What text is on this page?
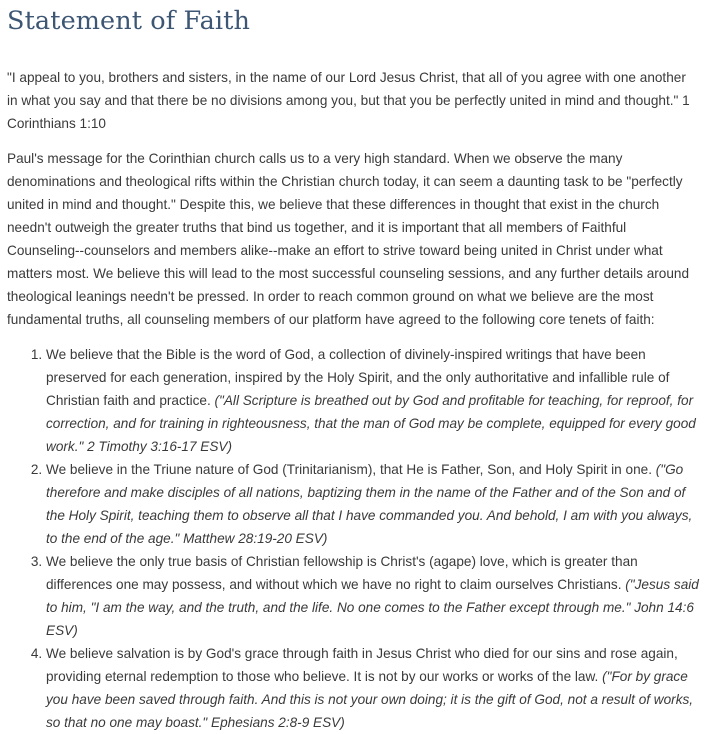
Statement of Faith

"I appeal to you, brothers and sisters, in the name of our Lord Jesus Christ, that all of you agree with one another in what you say and that there be no divisions among you, but that you be perfectly united in mind and thought." 1 Corinthians 1:10

Paul's message for the Corinthian church calls us to a very high standard. When we observe the many denominations and theological rifts within the Christian church today, it can seem a daunting task to be "perfectly united in mind and thought." Despite this, we believe that these differences in thought that exist in the church needn't outweigh the greater truths that bind us together, and it is important that all members of Faithful Counseling--counselors and members alike--make an effort to strive toward being united in Christ under what matters most. We believe this will lead to the most successful counseling sessions, and any further details around theological leanings needn't be pressed. In order to reach common ground on what we believe are the most fundamental truths, all counseling members of our platform have agreed to the following core tenets of faith:

1. We believe that the Bible is the word of God, a collection of divinely-inspired writings that have been preserved for each generation, inspired by the Holy Spirit, and the only authoritative and infallible rule of Christian faith and practice. ("All Scripture is breathed out by God and profitable for teaching, for reproof, for correction, and for training in righteousness, that the man of God may be complete, equipped for every good work." 2 Timothy 3:16-17 ESV)
2. We believe in the Triune nature of God (Trinitarianism), that He is Father, Son, and Holy Spirit in one. ("Go therefore and make disciples of all nations, baptizing them in the name of the Father and of the Son and of the Holy Spirit, teaching them to observe all that I have commanded you. And behold, I am with you always, to the end of the age." Matthew 28:19-20 ESV)
3. We believe the only true basis of Christian fellowship is Christ's (agape) love, which is greater than differences one may possess, and without which we have no right to claim ourselves Christians. ("Jesus said to him, "I am the way, and the truth, and the life. No one comes to the Father except through me." John 14:6 ESV)
4. We believe salvation is by God's grace through faith in Jesus Christ who died for our sins and rose again, providing eternal redemption to those who believe. It is not by our works or works of the law. ("For by grace you have been saved through faith. And this is not your own doing; it is the gift of God, not a result of works, so that no one may boast." Ephesians 2:8-9 ESV)
